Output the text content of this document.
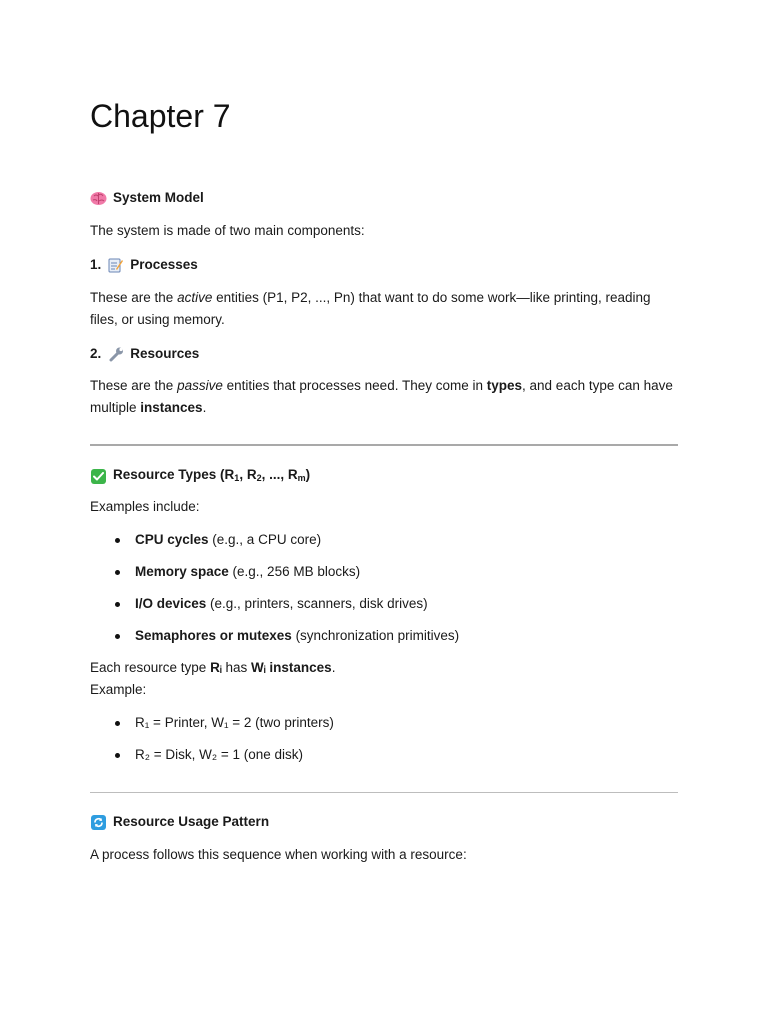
Chapter 7
System Model
The system is made of two main components:
1. Processes
These are the active entities (P1, P2, ..., Pn) that want to do some work—like printing, reading files, or using memory.
2. Resources
These are the passive entities that processes need. They come in types, and each type can have multiple instances.
Resource Types ($R_1$, $R_2$, ..., $R_m$)
Examples include:
CPU cycles (e.g., a CPU core)
Memory space (e.g., 256 MB blocks)
I/O devices (e.g., printers, scanners, disk drives)
Semaphores or mutexes (synchronization primitives)
Each resource type Rᵢ has Wᵢ instances.
Example:
R₁ = Printer, W₁ = 2 (two printers)
R₂ = Disk, W₂ = 1 (one disk)
Resource Usage Pattern
A process follows this sequence when working with a resource:
